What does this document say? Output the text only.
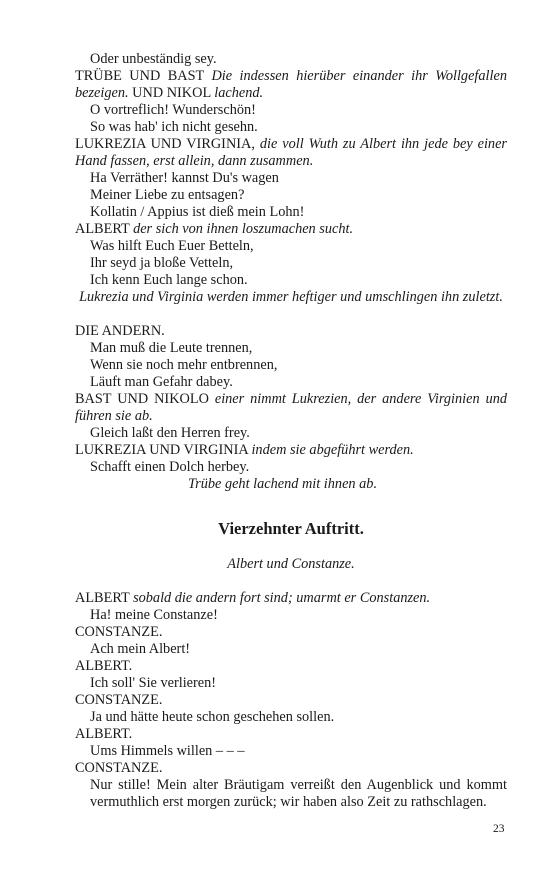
Oder unbeständig sey.

TRÜBE UND BAST Die indessen hierüber einander ihr Wollgefallen bezeigen. UND NIKOL lachend.

O vortreflich! Wunderschön!

So was hab' ich nicht gesehn.

LUKREZIA UND VIRGINIA, die voll Wuth zu Albert ihn jede bey einer Hand fassen, erst allein, dann zusammen.

Ha Verräther! kannst Du's wagen

Meiner Liebe zu entsagen?

Kollatin / Appius ist dieß mein Lohn!

ALBERT der sich von ihnen loszumachen sucht.

Was hilft Euch Euer Betteln,

Ihr seyd ja bloße Vetteln,

Ich kenn Euch lange schon.

Lukrezia und Virginia werden immer heftiger und umschlingen ihn zuletzt.

DIE ANDERN.

Man muß die Leute trennen,

Wenn sie noch mehr entbrennen,

Läuft man Gefahr dabey.

BAST UND NIKOLO einer nimmt Lukrezien, der andere Virginien und führen sie ab.

Gleich laßt den Herren frey.

LUKREZIA UND VIRGINIA indem sie abgeführt werden.

Schafft einen Dolch herbey.

Trübe geht lachend mit ihnen ab.

Vierzehnter Auftritt.

Albert und Constanze.

ALBERT sobald die andern fort sind; umarmt er Constanzen.

Ha! meine Constanze!

CONSTANZE.

Ach mein Albert!

ALBERT.

Ich soll' Sie verlieren!

CONSTANZE.

Ja und hätte heute schon geschehen sollen.

ALBERT.

Ums Himmels willen – – –

CONSTANZE.

Nur stille! Mein alter Bräutigam verreißt den Augenblick und kommt vermuthlich erst morgen zurück; wir haben also Zeit zu rathschlagen.

23
